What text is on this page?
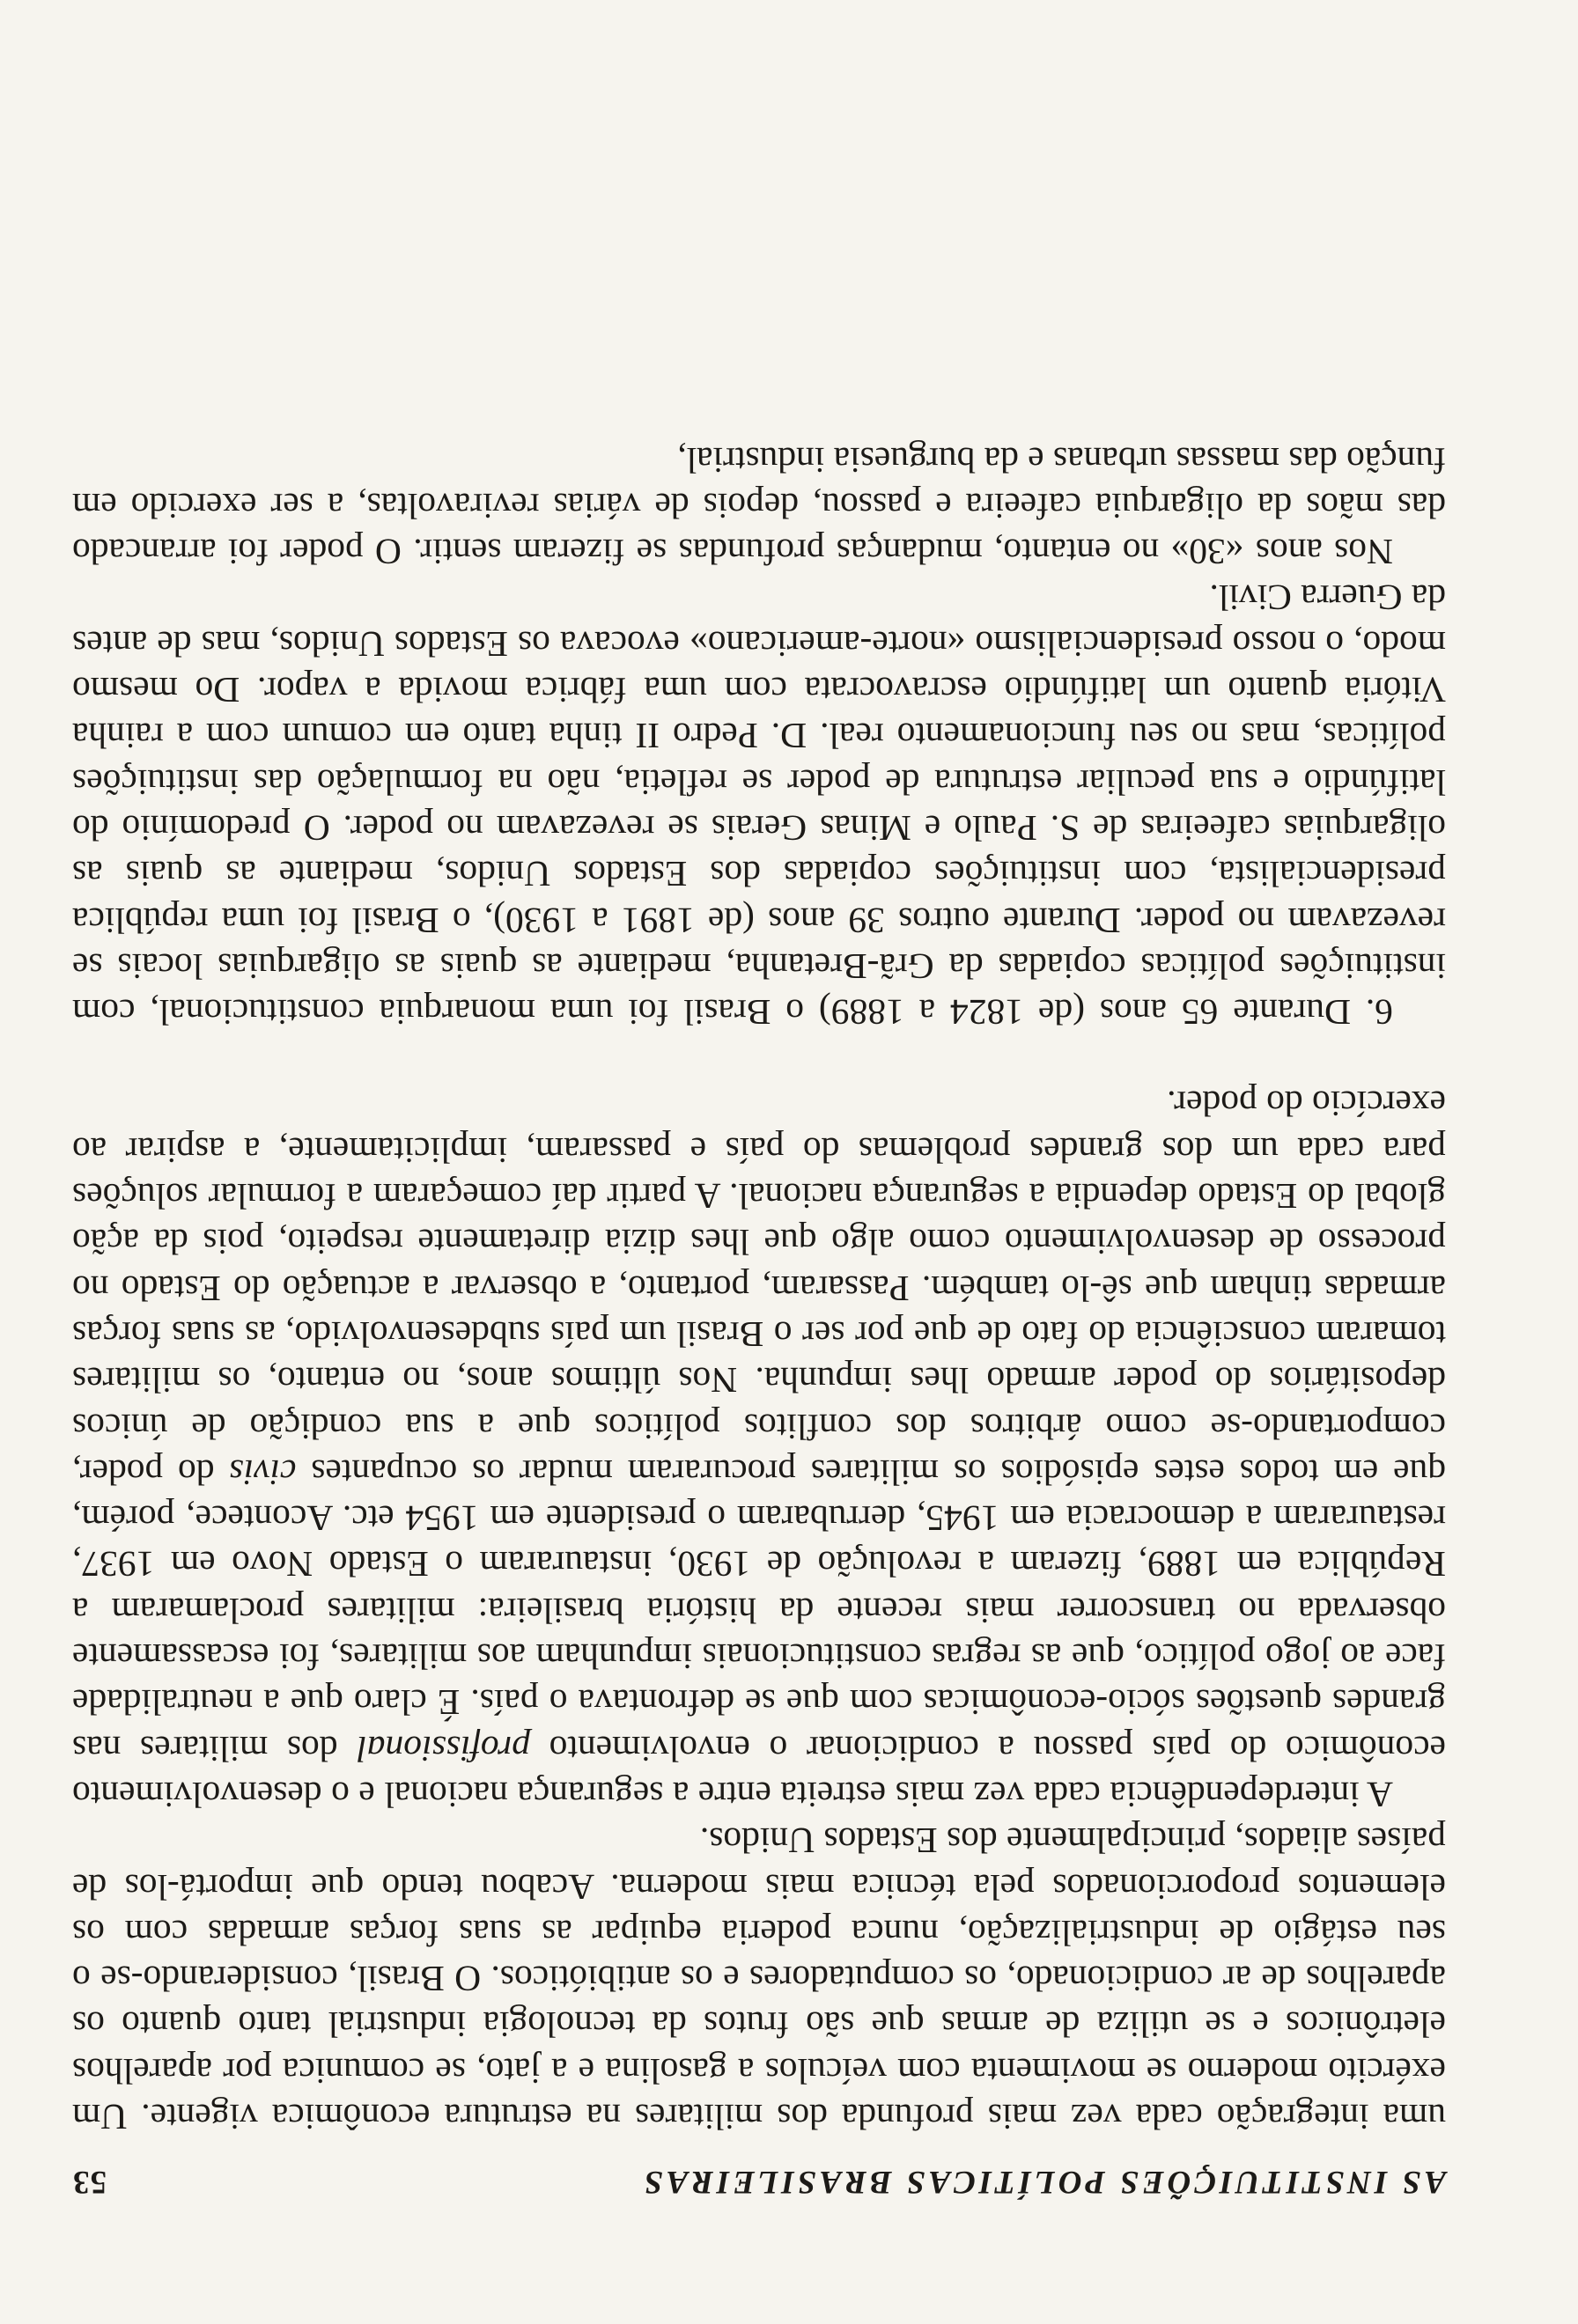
AS INSTITUIÇÕES POLÍTICAS BRASILEIRAS
53

uma integração cada vez mais profunda dos militares na estrutura econômica vigente. Um exército moderno se movimenta com veículos a gasolina e a jato, se comunica por aparelhos eletrônicos e se utiliza de armas que são frutos da tecnologia industrial tanto quanto os aparelhos de ar condicionado, os computadores e os antibióticos. O Brasil, considerando-se o seu estágio de industrialização, nunca poderia equipar as suas forças armadas com os elementos proporcionados pela técnica mais moderna. Acabou tendo que importá-los de países aliados, principalmente dos Estados Unidos.

A interdependência cada vez mais estreita entre a segurança nacional e o desenvolvimento econômico do país passou a condicionar o envolvimento profissional dos militares nas grandes questões sócio-econômicas com que se defrontava o país. É claro que a neutralidade face ao jogo político, que as regras constitucionais impunham aos militares, foi escassamente observada no transcorrer mais recente da história brasileira: militares proclamaram a República em 1889, fizeram a revolução de 1930, instauraram o Estado Novo em 1937, restauraram a democracia em 1945, derrubaram o presidente em 1954 etc. Acontece, porém, que em todos estes episódios os militares procuraram mudar os ocupantes civis do poder, comportando-se como árbitros dos conflitos políticos que a sua condição de únicos depositários do poder armado lhes impunha. Nos últimos anos, no entanto, os militares tomaram consciência do fato de que por ser o Brasil um país subdesenvolvido, as suas forças armadas tinham que sê-lo também. Passaram, portanto, a observar a actuação do Estado no processo de desenvolvimento como algo que lhes dizia diretamente respeito, pois da ação global do Estado dependia a segurança nacional. A partir daí começaram a formular soluções para cada um dos grandes problemas do país e passaram, implicitamente, a aspirar ao exercício do poder.

6. Durante 65 anos (de 1824 a 1889) o Brasil foi uma monarquia constitucional, com instituições políticas copiadas da Grã-Bretanha, mediante as quais as oligarquias locais se revezavam no poder. Durante outros 39 anos (de 1891 a 1930), o Brasil foi uma república presidencialista, com instituições copiadas dos Estados Unidos, mediante as quais as oligarquias cafeeiras de S. Paulo e Minas Gerais se revezavam no poder. O predomínio do latifúndio e sua peculiar estrutura de poder se refletia, não na formulação das instituições políticas, mas no seu funcionamento real. D. Pedro II tinha tanto em comum com a rainha Vitória quanto um latifúndio escravocrata com uma fábrica movida a vapor. Do mesmo modo, o nosso presidencialismo «norte-americano» evocava os Estados Unidos, mas de antes da Guerra Civil.

Nos anos «30» no entanto, mudanças profundas se fizeram sentir. O poder foi arrancado das mãos da oligarquia cafeeira e passou, depois de várias reviravoltas, a ser exercido em função das massas urbanas e da burguesia industrial,
